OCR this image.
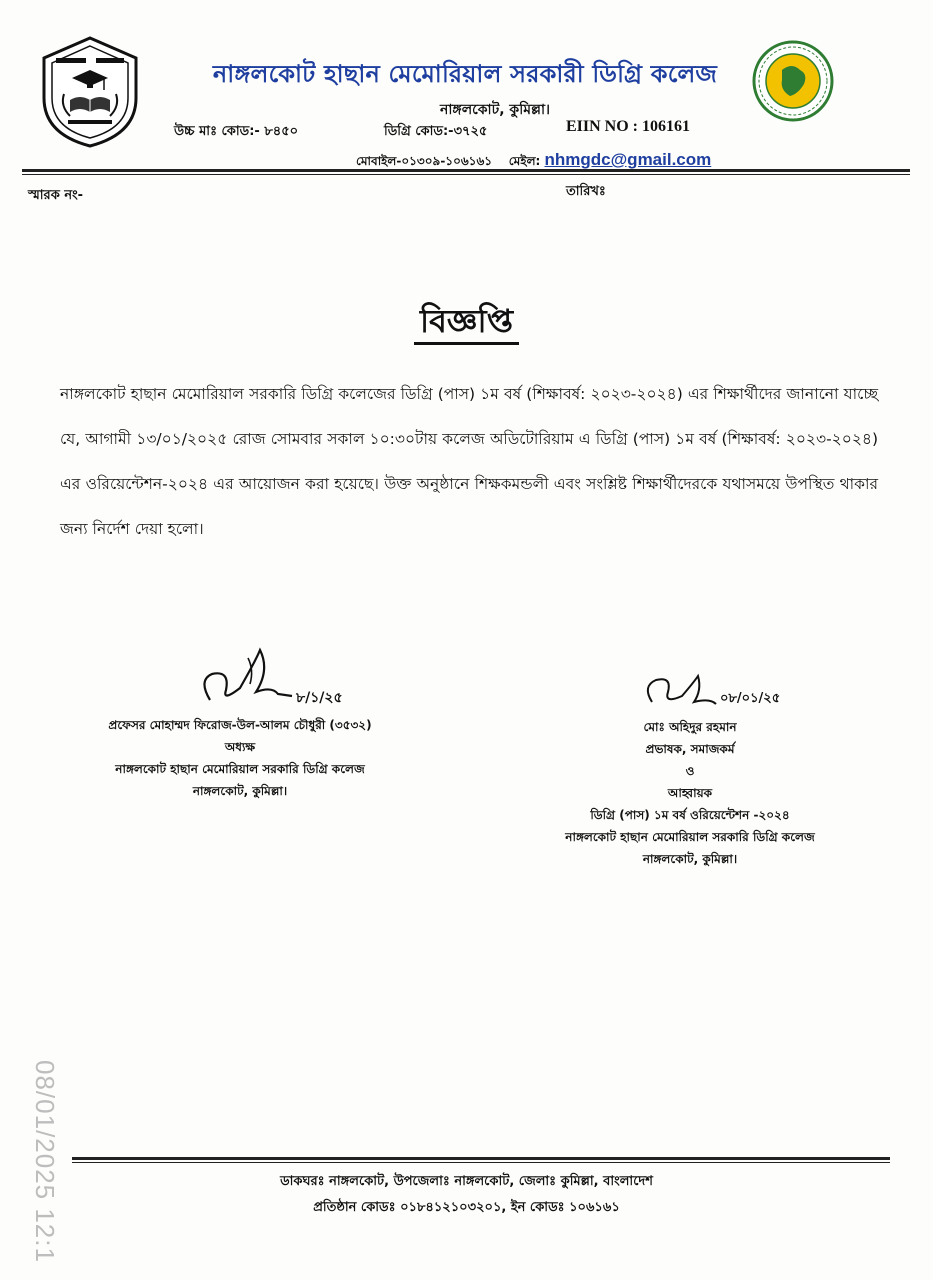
নাঙ্গলকোট হাছান মেমোরিয়াল সরকারী ডিগ্রি কলেজ
নাঙ্গলকোট, কুমিল্লা।
উচ্চ মাঃ কোড:- ৮৪৫০	ডিগ্রি কোড:-৩৭২৫	EIIN NO : 106161
মোবাইল-০১৩০৯-১০৬১৬১ মেইল: nhmgdc@gmail.com
স্মারক নং-	তারিখঃ
বিজ্ঞপ্তি
নাঙ্গলকোট হাছান মেমোরিয়াল সরকারি ডিগ্রি কলেজের ডিগ্রি (পাস) ১ম বর্ষ (শিক্ষাবর্ষ: ২০২৩-২০২৪) এর শিক্ষার্থীদের জানানো যাচ্ছে যে, আগামী ১৩/০১/২০২৫ রোজ সোমবার সকাল ১০:৩০টায় কলেজ অডিটোরিয়াম এ ডিগ্রি (পাস) ১ম বর্ষ (শিক্ষাবর্ষ: ২০২৩-২০২৪) এর ওরিয়েন্টেশন-২০২৪ এর আয়োজন করা হয়েছে। উক্ত অনুষ্ঠানে শিক্ষকমন্ডলী এবং সংশ্লিষ্ট শিক্ষার্থীদেরকে যথাসময়ে উপস্থিত থাকার জন্য নির্দেশ দেয়া হলো।
৮/১/২৫
প্রফেসর মোহাম্মদ ফিরোজ-উল-আলম চৌধুরী (৩৫৩২)
অধ্যক্ষ
নাঙ্গলকোট হাছান মেমোরিয়াল সরকারি ডিগ্রি কলেজ
নাঙ্গলকোট, কুমিল্লা।
০৮/০১/২৫
মোঃ অহিদুর রহমান
প্রভাষক, সমাজকর্ম
ও
আহ্বায়ক
ডিগ্রি (পাস) ১ম বর্ষ ওরিয়েন্টেশন -২০২৪
নাঙ্গলকোট হাছান মেমোরিয়াল সরকারি ডিগ্রি কলেজ
নাঙ্গলকোট, কুমিল্লা।
08/01/2025 12:1	ডাকঘরঃ নাঙ্গলকোট, উপজেলাঃ নাঙ্গলকোট, জেলাঃ কুমিল্লা, বাংলাদেশ
প্রতিষ্ঠান কোডঃ ০১৮৪১২১০৩২০১, ইন কোডঃ ১০৬১৬১
